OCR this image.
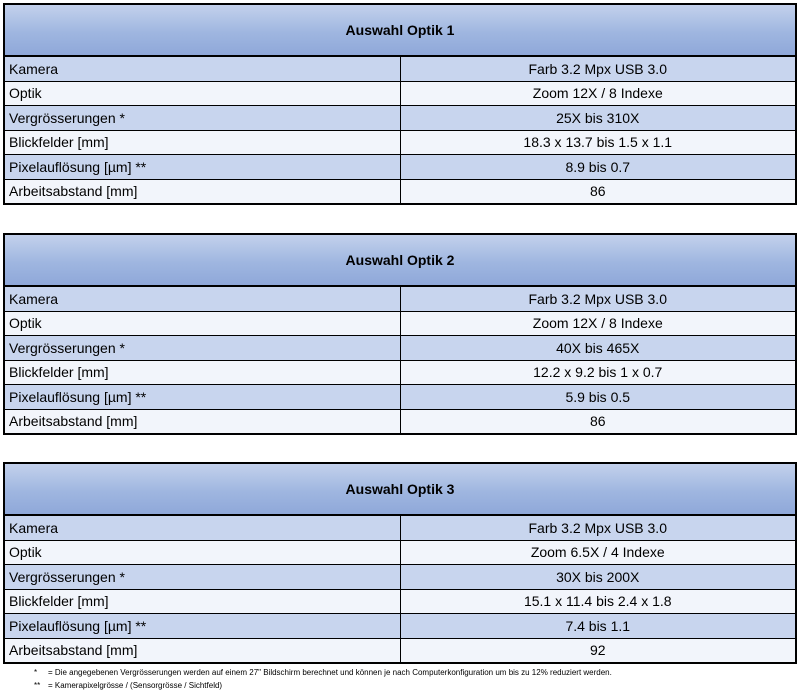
Auswahl Optik 1	
Kamera	Farb 3.2 Mpx USB 3.0
Optik	Zoom 12X / 8 Indexe
Vergrösserungen *	25X bis 310X
Blickfelder [mm]	18.3 x 13.7 bis 1.5 x 1.1
Pixelauflösung [µm] **	8.9 bis 0.7
Arbeitsabstand [mm]	86
Auswahl Optik 2	
Kamera	Farb 3.2 Mpx USB 3.0
Optik	Zoom 12X / 8 Indexe
Vergrösserungen *	40X bis 465X
Blickfelder [mm]	12.2 x 9.2 bis 1 x 0.7
Pixelauflösung [µm] **	5.9 bis 0.5
Arbeitsabstand [mm]	86
Auswahl Optik 3	
Kamera	Farb 3.2 Mpx USB 3.0
Optik	Zoom 6.5X / 4 Indexe
Vergrösserungen *	30X bis 200X
Blickfelder [mm]	15.1 x 11.4 bis 2.4 x 1.8
Pixelauflösung [µm] **	7.4 bis 1.1
Arbeitsabstand [mm]	92
* = Die angegebenen Vergrösserungen werden auf einem 27" Bildschirm berechnet und können je nach Computerkonfiguration um bis zu 12% reduziert werden.
** = Kamerapixelgrösse / (Sensorgrösse / Sichtfeld)
